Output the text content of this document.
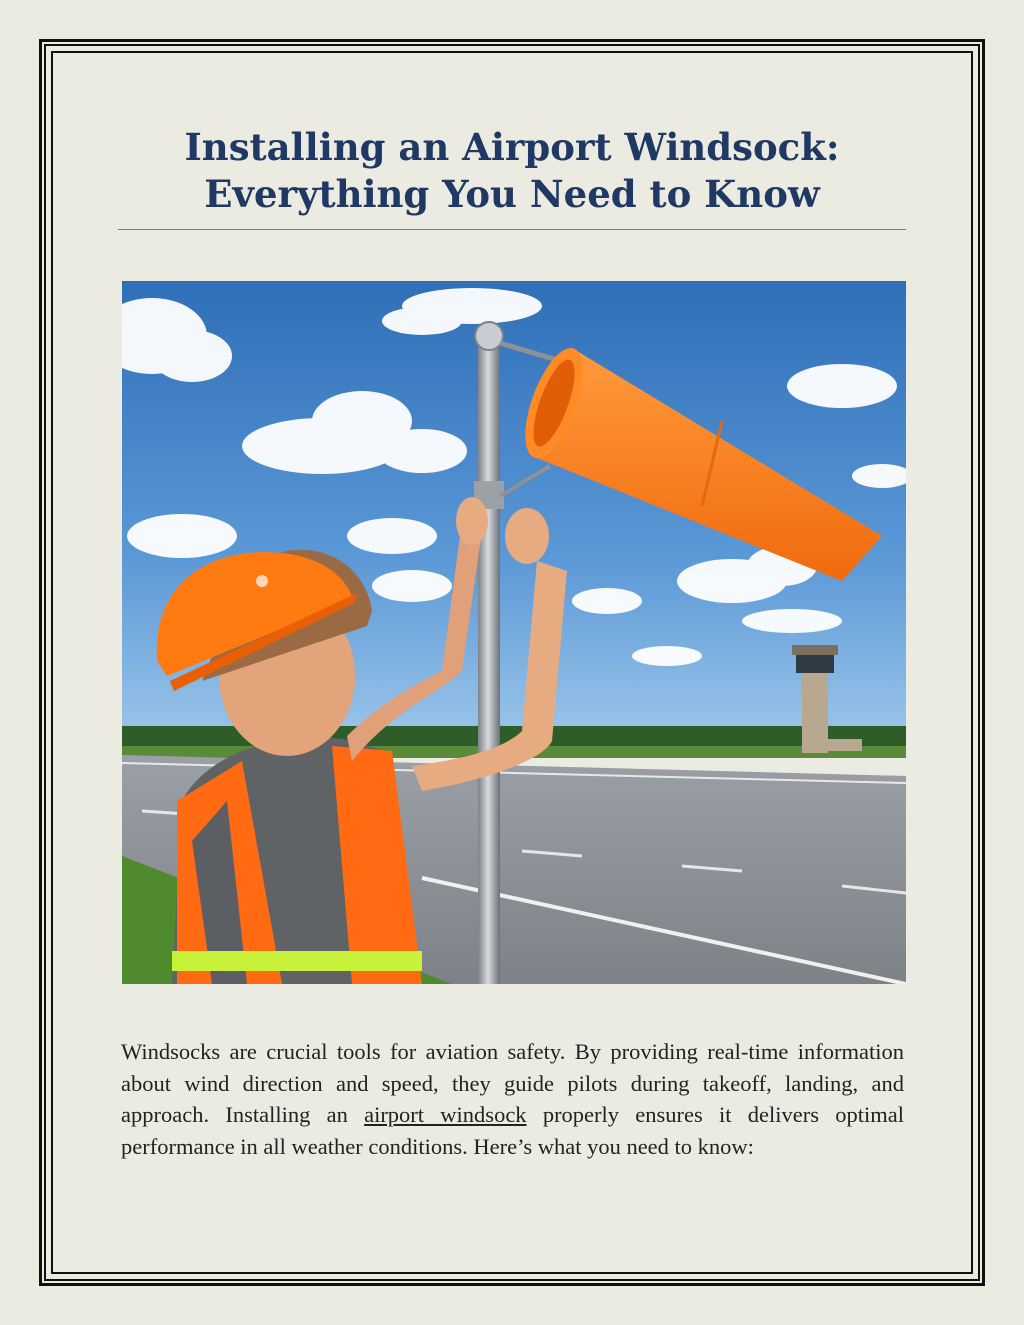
Installing an Airport Windsock:
Everything You Need to Know

Windsocks are crucial tools for aviation safety. By providing real-time information about wind direction and speed, they guide pilots during takeoff, landing, and approach. Installing an airport windsock properly ensures it delivers optimal performance in all weather conditions. Here’s what you need to know:
